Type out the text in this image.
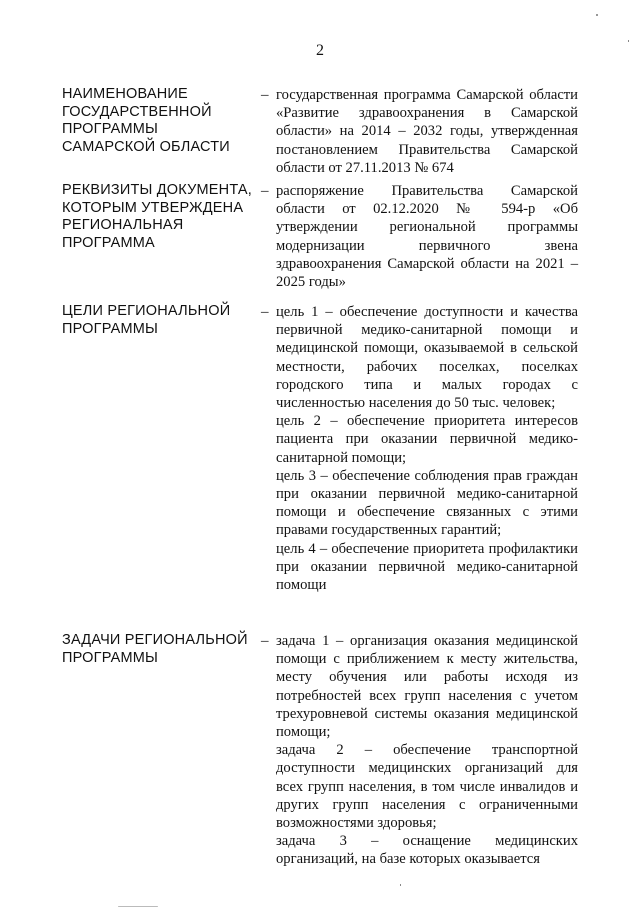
2
НАИМЕНОВАНИЕ ГОСУДАРСТВЕННОЙ ПРОГРАММЫ САМАРСКОЙ ОБЛАСТИ
– государственная программа Самарской области «Развитие здравоохранения в Самарской области» на 2014 – 2032 годы, утвержденная постановлением Правительства Самарской области от 27.11.2013 № 674

РЕКВИЗИТЫ ДОКУМЕНТА, КОТОРЫМ УТВЕРЖДЕНА РЕГИОНАЛЬНАЯ ПРОГРАММА
– распоряжение Правительства Самарской области от 02.12.2020 № 594-р «Об утверждении региональной программы модернизации первичного звена здравоохранения Самарской области на 2021 – 2025 годы»

ЦЕЛИ РЕГИОНАЛЬНОЙ ПРОГРАММЫ
– цель 1 – обеспечение доступности и качества первичной медико-санитарной помощи и медицинской помощи, оказываемой в сельской местности, рабочих поселках, поселках городского типа и малых городах с численностью населения до 50 тыс. человек;

цель 2 – обеспечение приоритета интересов пациента при оказании первичной медико-санитарной помощи;

цель 3 – обеспечение соблюдения прав граждан при оказании первичной медико-санитарной помощи и обеспечение связанных с этими правами государственных гарантий;

цель 4 – обеспечение приоритета профилактики при оказании первичной медико-санитарной помощи

ЗАДАЧИ РЕГИОНАЛЬНОЙ ПРОГРАММЫ
– задача 1 – организация оказания медицинской помощи с приближением к месту жительства, месту обучения или работы исходя из потребностей всех групп населения с учетом трехуровневой системы оказания медицинской помощи;

задача 2 – обеспечение транспортной доступности медицинских организаций для всех групп населения, в том числе инвалидов и других групп населения с ограниченными возможностями здоровья;

задача 3 – оснащение медицинских организаций, на базе которых оказывается
